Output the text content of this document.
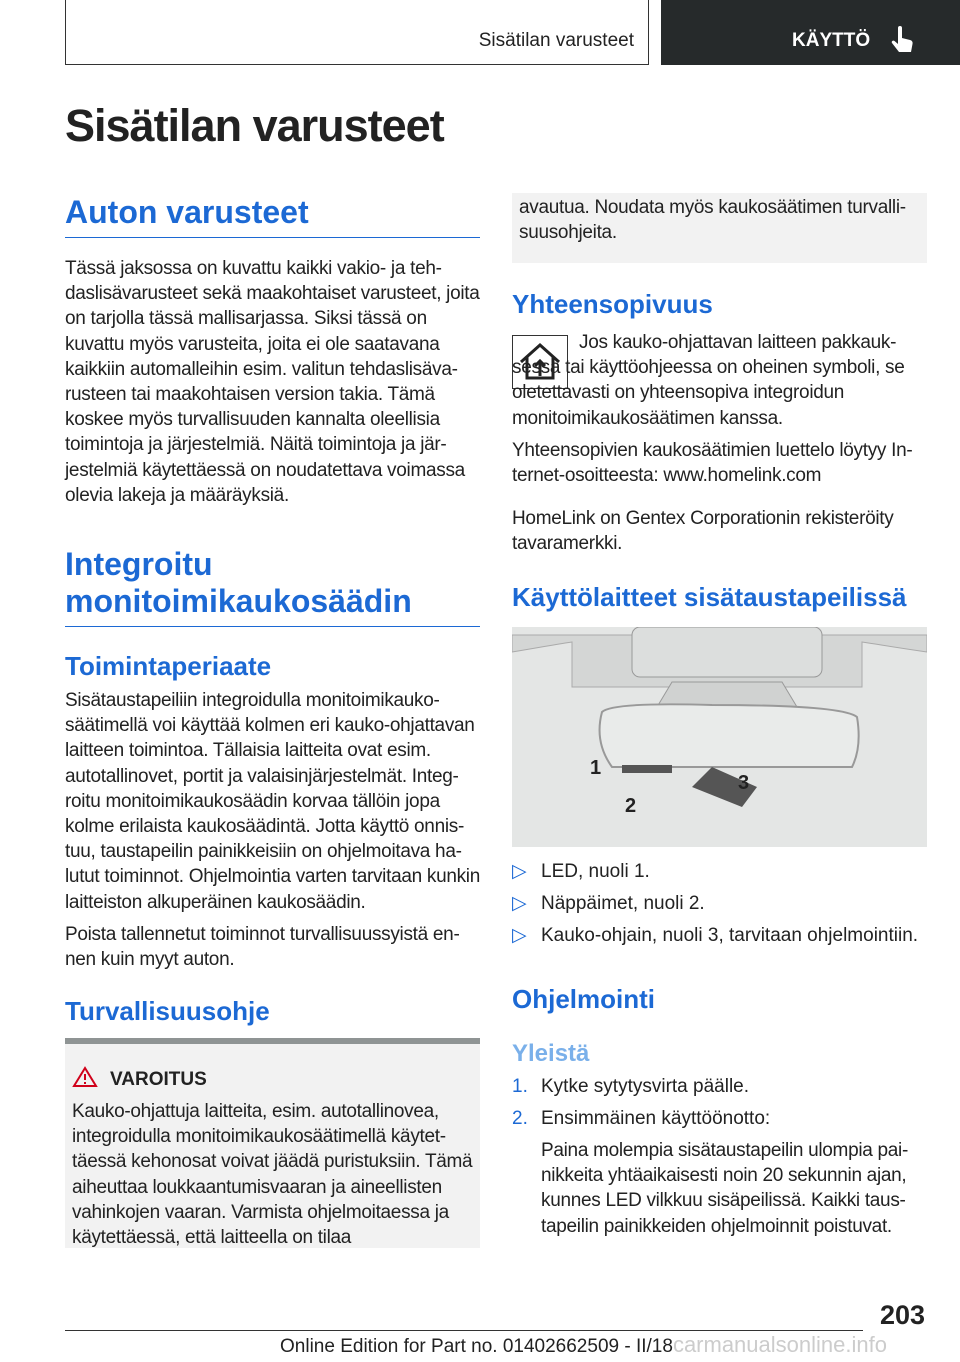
Sisätilan varusteet	KÄYTTÖ
Sisätilan varusteet
Auton varusteet

Tässä jaksossa on kuvattu kaikki vakio- ja tehdaslisävarusteet sekä maakohtaiset varusteet, joita on tarjolla tässä mallisarjassa. Siksi tässä on kuvattu myös varusteita, joita ei ole saatavana kaikkiin automalleihin esim. valitun tehdaslisävarusteen tai maakohtaisen version takia. Tämä koskee myös turvallisuuden kannalta oleellisia toimintoja ja järjestelmiä. Näitä toimintoja ja järjestelmiä käytettäessä on noudatettava voimassa olevia lakeja ja määräyksiä.

Integroitu monitoimikaukosäädin
Toimintaperiaate

Sisätaustapeiliin integroidulla monitoimikaukosäätimellä voi käyttää kolmen eri kauko-ohjattavan laitteen toimintoa. Tällaisia laitteita ovat esim. autotallinovet, portit ja valaisinjärjestelmät. Integroitu monitoimikaukosäädin korvaa tällöin jopa kolme erilaista kaukosäädintä. Jotta käyttö onnistuu, taustapeilin painikkeisiin on ohjelmoitava halutut toiminnot. Ohjelmointia varten tarvitaan kunkin laitteiston alkuperäinen kaukosäädin.

Poista tallennetut toiminnot turvallisuussyistä ennen kuin myyt auton.

Turvallisuusohje
VAROITUS

Kauko-ohjattuja laitteita, esim. autotallinovea, integroidulla monitoimikaukosäätimellä käytettäessä kehonosat voivat jäädä puristuksiin. Tämä aiheuttaa loukkaantumisvaaran ja aineellisten vahinkojen vaaran. Varmista ohjelmoitaessa ja käytettäessä, että laitteella on tilaa

avautua. Noudata myös kaukosäätimen turvallisuusohjeita.

Yhteensopivuus

Jos kauko-ohjattavan laitteen pakkauksessa tai käyttöohjeessa on oheinen symboli, se oletettavasti on yhteensopiva integroidun monitoimikaukosäätimen kanssa.

Yhteensopivien kaukosäätimien luettelo löytyy Internet-osoitteesta: www.homelink.com

HomeLink on Gentex Corporationin rekisteröity tavaramerkki.

Käyttölaitteet sisätaustapeilissä
1
2
3
▷ LED, nuoli 1.
▷ Näppäimet, nuoli 2.
▷ Kauko-ohjain, nuoli 3, tarvitaan ohjelmointiin.
Ohjelmointi
Yleistä
1. Kytke sytytysvirta päälle.
2. Ensimmäinen käyttöönotto:

Paina molempia sisätaustapeilin ulompia painikkeita yhtäaikaisesti noin 20 sekunnin ajan, kunnes LED vilkkuu sisäpeilissä. Kaikki taustapeilin painikkeiden ohjelmoinnit poistuvat.

203
Online Edition for Part no. 01402662509 - II/18carmanualsonline.info
